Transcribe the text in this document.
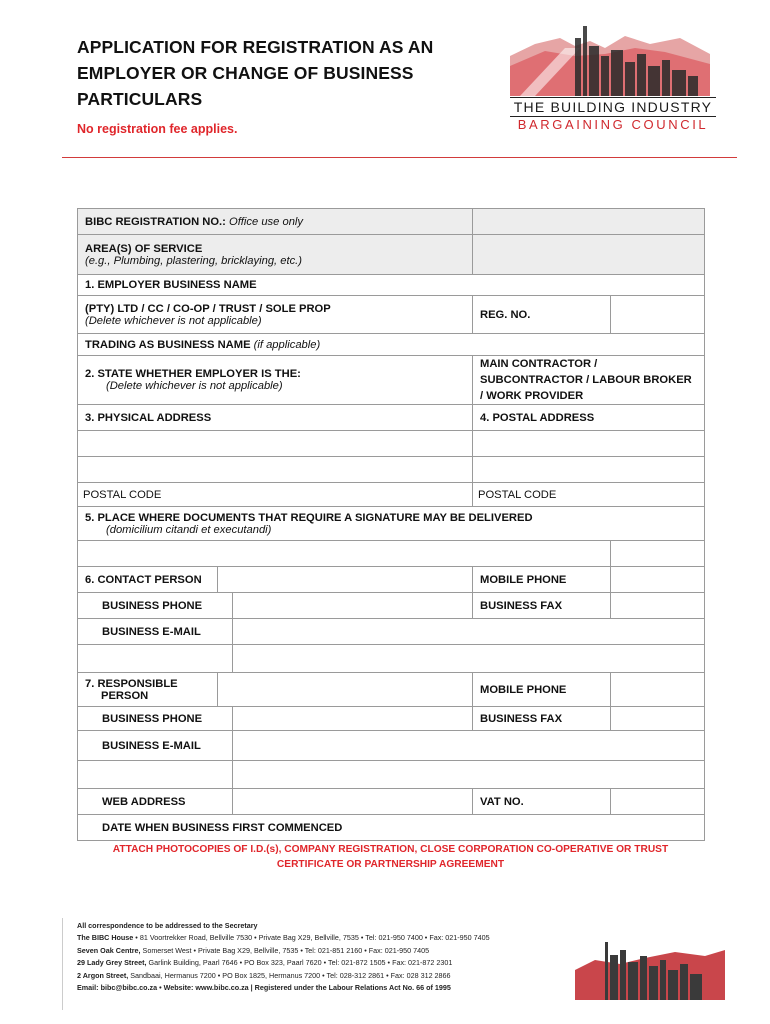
APPLICATION FOR REGISTRATION AS AN
EMPLOYER OR CHANGE OF BUSINESS
PARTICULARS
No registration fee applies.
THE BUILDING INDUSTRY
BARGAINING COUNCIL
BIBC REGISTRATION NO.: Office use only				

AREA(S) OF SERVICE
(e.g., Plumbing, plastering, bricklaying, etc.)				

1. EMPLOYER BUSINESS NAME				

(PTY) LTD / CC / CO-OP / TRUST / SOLE PROP
(Delete whichever is not applicable)			REG. NO.	
TRADING AS BUSINESS NAME (if applicable)				

2. STATE WHETHER EMPLOYER IS THE:
(Delete whichever is not applicable)			MAIN CONTRACTOR / SUBCONTRACTOR / LABOUR BROKER / WORK PROVIDER	
3. PHYSICAL ADDRESS			4. POSTAL ADDRESS	

POSTAL CODE			POSTAL CODE	

5. PLACE WHERE DOCUMENTS THAT REQUIRE A SIGNATURE MAY BE DELIVERED
(domicilium citandi et executandi)				

6. CONTACT PERSON			MOBILE PHONE	
BUSINESS PHONE			BUSINESS FAX	
BUSINESS E-MAIL				

7. RESPONSIBLE
PERSON			MOBILE PHONE	
BUSINESS PHONE			BUSINESS FAX	
BUSINESS E-MAIL				

WEB ADDRESS			VAT NO.	
DATE WHEN BUSINESS FIRST COMMENCED				
ATTACH PHOTOCOPIES OF I.D.(s), COMPANY REGISTRATION, CLOSE CORPORATION CO-OPERATIVE OR TRUST
CERTIFICATE OR PARTNERSHIP AGREEMENT
All correspondence to be addressed to the Secretary
The BIBC House • 81 Voortrekker Road, Bellville 7530 • Private Bag X29, Bellville, 7535 • Tel: 021-950 7400 • Fax: 021-950 7405
Seven Oak Centre, Somerset West • Private Bag X29, Bellville, 7535 • Tel: 021-851 2160 • Fax: 021-950 7405
29 Lady Grey Street, Garlink Building, Paarl 7646 • PO Box 323, Paarl 7620 • Tel: 021-872 1505 • Fax: 021-872 2301
2 Argon Street, Sandbaai, Hermanus 7200 • PO Box 1825, Hermanus 7200 • Tel: 028-312 2861 • Fax: 028 312 2866
Email: bibc@bibc.co.za • Website: www.bibc.co.za | Registered under the Labour Relations Act No. 66 of 1995
